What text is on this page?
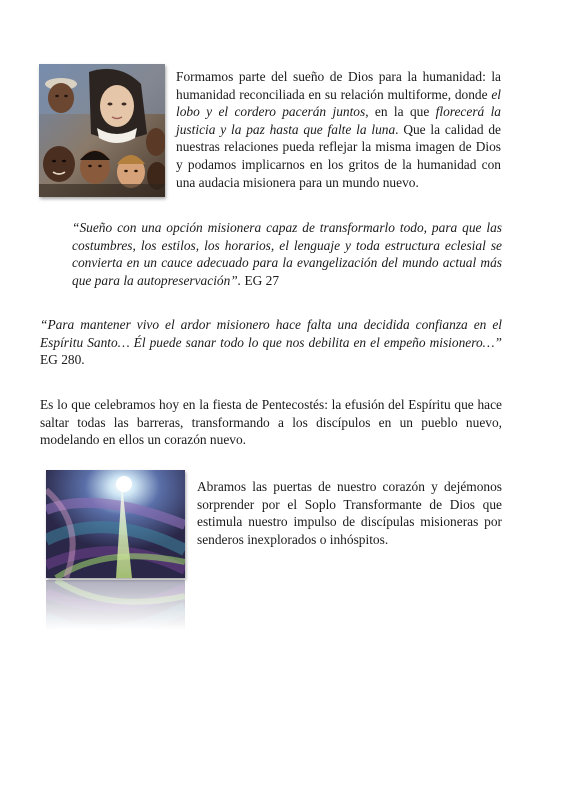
Formamos parte del sueño de Dios para la humanidad: la humanidad reconciliada en su relación multiforme, donde el lobo y el cordero pacerán juntos, en la que florecerá la justicia y la paz hasta que falte la luna. Que la calidad de nuestras relaciones pueda reflejar la misma imagen de Dios y podamos implicarnos en los gritos de la humanidad con una audacia misionera para un mundo nuevo.

“Sueño con una opción misionera capaz de transformarlo todo, para que las costumbres, los estilos, los horarios, el lenguaje y toda estructura eclesial se convierta en un cauce adecuado para la evangelización del mundo actual más que para la autopreservación”. EG 27

“Para mantener vivo el ardor misionero hace falta una decidida confianza en el Espíritu Santo… Él puede sanar todo lo que nos debilita en el empeño misionero…” EG 280.

Es lo que celebramos hoy en la fiesta de Pentecostés: la efusión del Espíritu que hace saltar todas las barreras, transformando a los discípulos en un pueblo nuevo, modelando en ellos un corazón nuevo.

Abramos las puertas de nuestro corazón y dejémonos sorprender por el Soplo Transformante de Dios que estimula nuestro impulso de discípulas misioneras por senderos inexplorados o inhóspitos.
